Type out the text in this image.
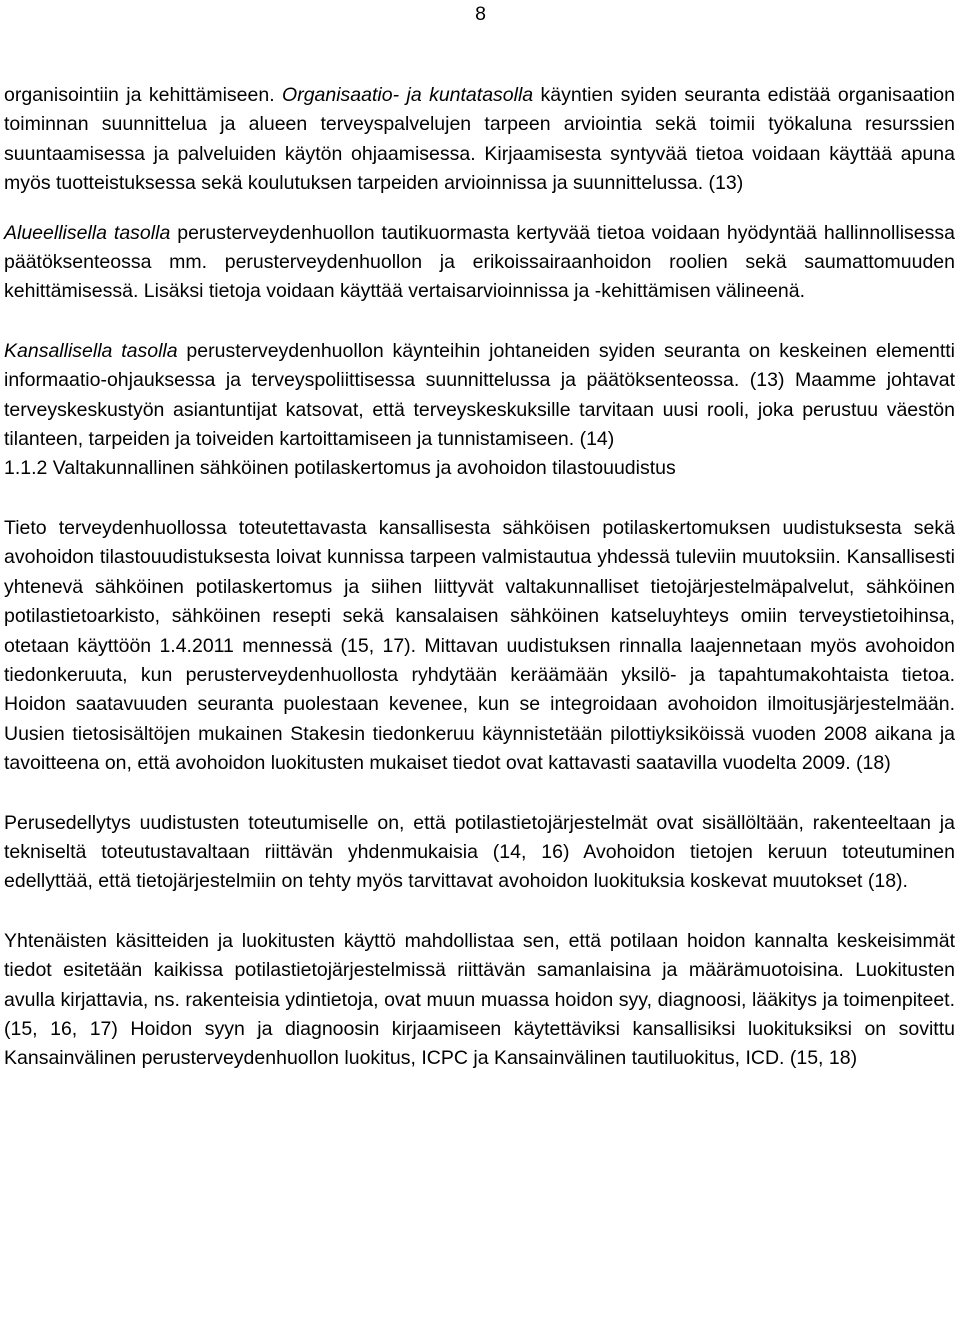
8

organisointiin ja kehittämiseen. Organisaatio- ja kuntatasolla käyntien syiden seuranta edistää organisaation toiminnan suunnittelua ja alueen terveyspalvelujen tarpeen arviointia sekä toimii työkaluna resurssien suuntaamisessa ja palveluiden käytön ohjaamisessa. Kirjaamisesta syntyvää tietoa voidaan käyttää apuna myös tuotteistuksessa sekä koulutuksen tarpeiden arvioinnissa ja suunnittelussa. (13)

Alueellisella tasolla perusterveydenhuollon tautikuormasta kertyvää tietoa voidaan hyödyntää hallinnollisessa päätöksenteossa mm. perusterveydenhuollon ja erikoissairaanhoidon roolien sekä saumattomuuden kehittämisessä. Lisäksi tietoja voidaan käyttää vertaisarvioinnissa ja -kehittämisen välineenä.

Kansallisella tasolla perusterveydenhuollon käynteihin johtaneiden syiden seuranta on keskeinen elementti informaatio-ohjauksessa ja terveyspoliittisessa suunnittelussa ja päätöksenteossa. (13) Maamme johtavat terveyskeskustyön asiantuntijat katsovat, että terveyskeskuksille tarvitaan uusi rooli, joka perustuu väestön tilanteen, tarpeiden ja toiveiden kartoittamiseen ja tunnistamiseen. (14)

1.1.2 Valtakunnallinen sähköinen potilaskertomus ja avohoidon tilastouudistus

Tieto terveydenhuollossa toteutettavasta kansallisesta sähköisen potilaskertomuksen uudistuksesta sekä avohoidon tilastouudistuksesta loivat kunnissa tarpeen valmistautua yhdessä tuleviin muutoksiin. Kansallisesti yhtenevä sähköinen potilaskertomus ja siihen liittyvät valtakunnalliset tietojärjestelmäpalvelut, sähköinen potilastietoarkisto, sähköinen resepti sekä kansalaisen sähköinen katseluyhteys omiin terveystietoihinsa, otetaan käyttöön 1.4.2011 mennessä (15, 17). Mittavan uudistuksen rinnalla laajennetaan myös avohoidon tiedonkeruuta, kun perusterveydenhuollosta ryhdytään keräämään yksilö- ja tapahtumakohtaista tietoa. Hoidon saatavuuden seuranta puolestaan kevenee, kun se integroidaan avohoidon ilmoitusjärjestelmään. Uusien tietosisältöjen mukainen Stakesin tiedonkeruu käynnistetään pilottiyksiköissä vuoden 2008 aikana ja tavoitteena on, että avohoidon luokitusten mukaiset tiedot ovat kattavasti saatavilla vuodelta 2009. (18)

Perusedellytys uudistusten toteutumiselle on, että potilastietojärjestelmät ovat sisällöltään, rakenteeltaan ja tekniseltä toteutustavaltaan riittävän yhdenmukaisia (14, 16) Avohoidon tietojen keruun toteutuminen edellyttää, että tietojärjestelmiin on tehty myös tarvittavat avohoidon luokituksia koskevat muutokset (18).

Yhtenäisten käsitteiden ja luokitusten käyttö mahdollistaa sen, että potilaan hoidon kannalta keskeisimmät tiedot esitetään kaikissa potilastietojärjestelmissä riittävän samanlaisina ja määrämuotoisina. Luokitusten avulla kirjattavia, ns. rakenteisia ydintietoja, ovat muun muassa hoidon syy, diagnoosi, lääkitys ja toimenpiteet. (15, 16, 17) Hoidon syyn ja diagnoosin kirjaamiseen käytettäviksi kansallisiksi luokituksiksi on sovittu Kansainvälinen perusterveydenhuollon luokitus, ICPC ja Kansainvälinen tautiluokitus, ICD. (15, 18)
